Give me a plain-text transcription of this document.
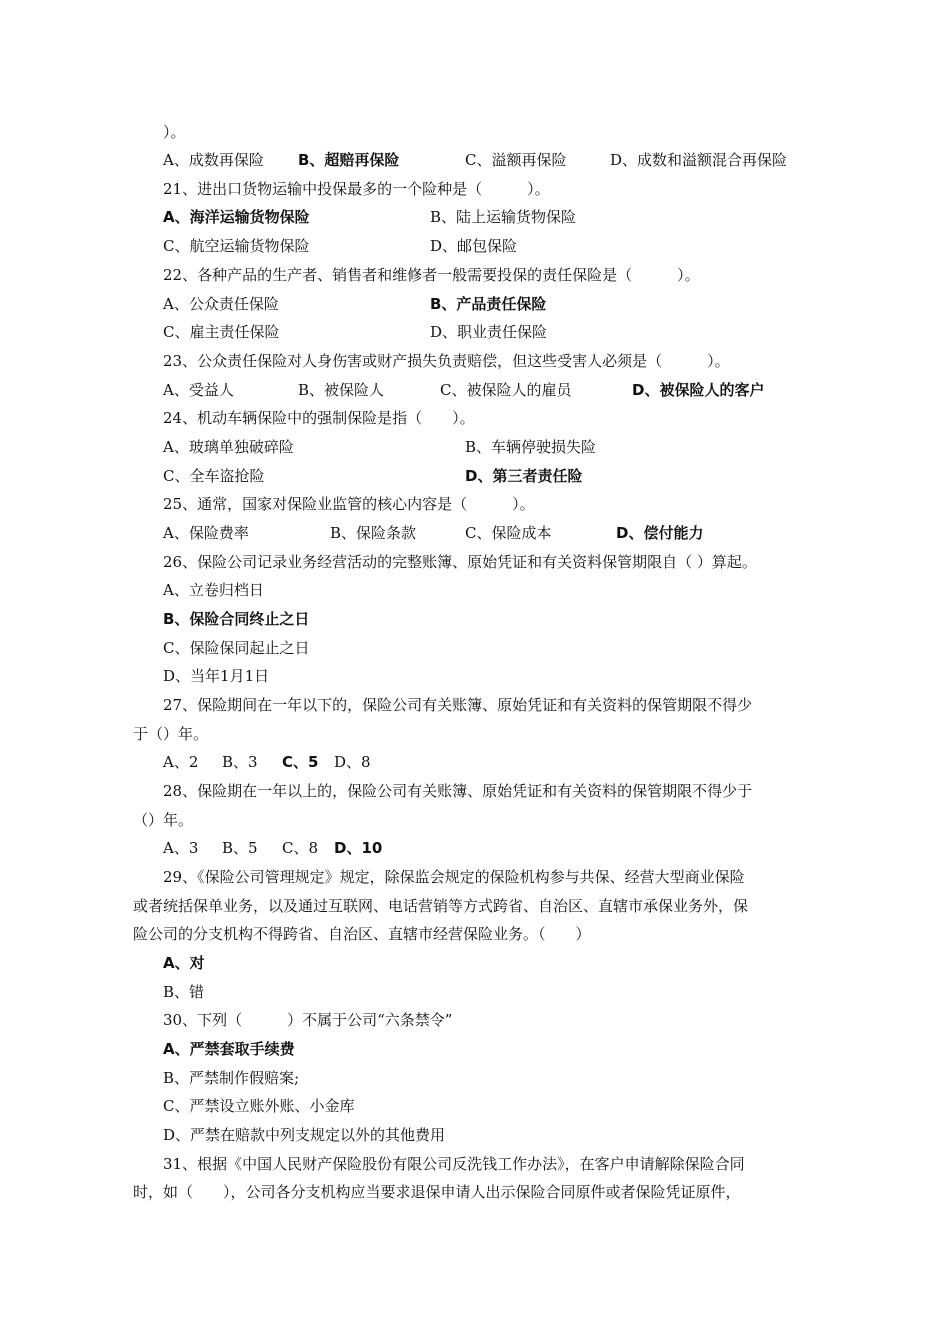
）。
A、成数再保险 B、超赔再保险	C、溢额再保险	D、成数和溢额混合再保险
21、进出口货物运输中投保最多的一个险种是（　　　）。
A、海洋运输货物保险	B、陆上运输货物保险
C、航空运输货物保险	D、邮包保险
22、各种产品的生产者、销售者和维修者一般需要投保的责任保险是（　　　）。
A、公众责任保险	B、产品责任保险
C、雇主责任保险	D、职业责任保险
23、公众责任保险对人身伤害或财产损失负责赔偿，但这些受害人必须是（　　　）。
A、受益人	B、被保险人	C、被保险人的雇员	D、被保险人的客户
24、机动车辆保险中的强制保险是指（　　）。
A、玻璃单独破碎险	B、车辆停驶损失险
C、全车盗抢险	D、第三者责任险
25、通常，国家对保险业监管的核心内容是（　　　）。
A、保险费率	B、保险条款	C、保险成本	D、偿付能力
26、保险公司记录业务经营活动的完整账簿、原始凭证和有关资料保管期限自（ ）算起。
A、立卷归档日
B、保险合同终止之日
C、保险保同起止之日
D、当年1月1日
27、保险期间在一年以下的，保险公司有关账簿、原始凭证和有关资料的保管期限不得少
于（）年。
A、2 B、3 C、5 D、8
28、保险期在一年以上的，保险公司有关账簿、原始凭证和有关资料的保管期限不得少于
（）年。
A、3 B、5 C、8 D、10
29、《保险公司管理规定》规定，除保监会规定的保险机构参与共保、经营大型商业保险
或者统括保单业务，以及通过互联网、电话营销等方式跨省、自治区、直辖市承保业务外，保
险公司的分支机构不得跨省、自治区、直辖市经营保险业务。（　　）
A、对
B、错
30、下列（　　　）不属于公司“六条禁令”
A、严禁套取手续费
B、严禁制作假赔案;
C、严禁设立账外账、小金库
D、严禁在赔款中列支规定以外的其他费用
31、根据《中国人民财产保险股份有限公司反洗钱工作办法》，在客户申请解除保险合同
时，如（　　），公司各分支机构应当要求退保申请人出示保险合同原件或者保险凭证原件，
